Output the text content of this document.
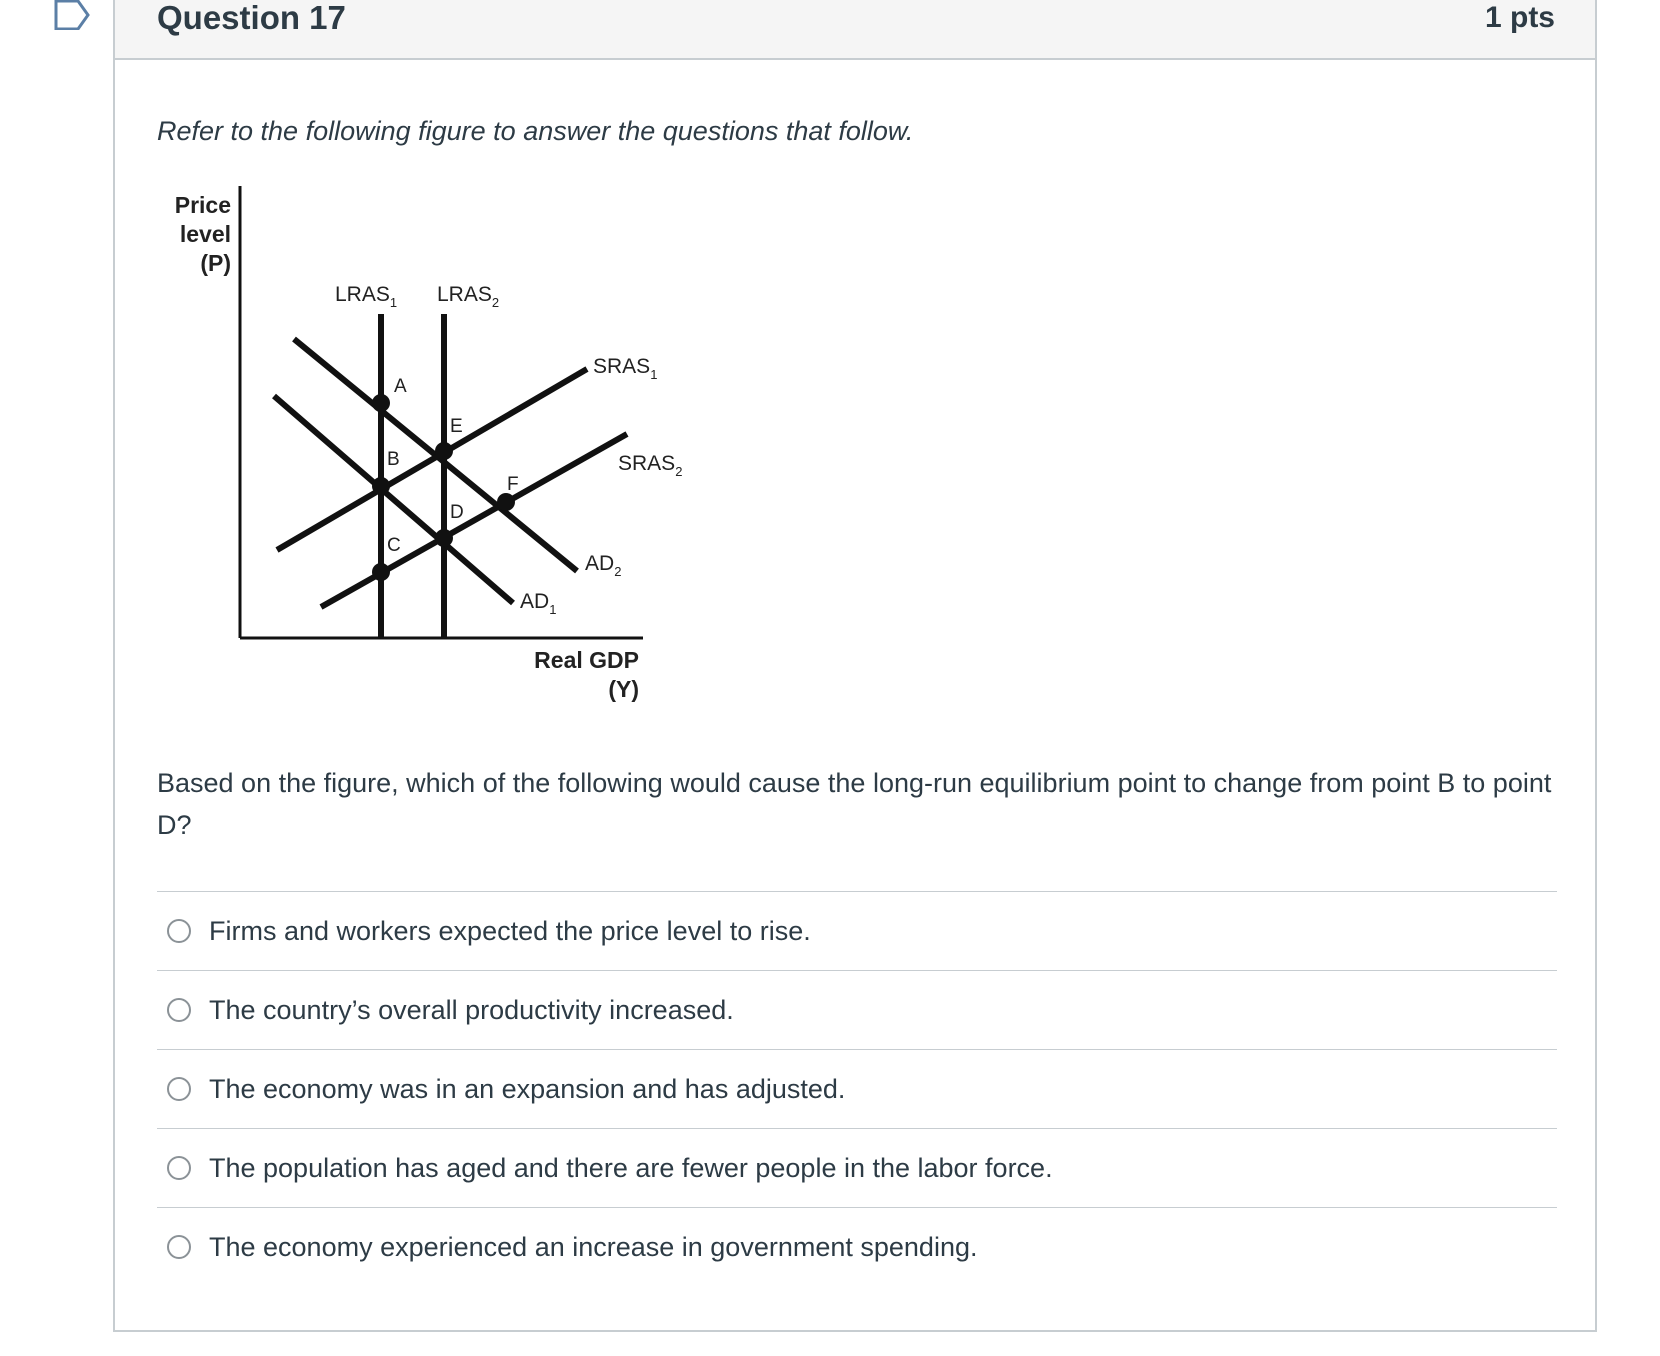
Question 17	1 pts
Refer to the following figure to answer the questions that follow.
Price
level
(P)
Real GDP
(Y)
$LRAS_1$ $LRAS_2$
$AD_1$
$AD_2$
$SRAS_1$
$SRAS_2$
A
B
C
D
E
F
Based on the figure, which of the following would cause the long-run equilibrium point to change from point B to point D?
Firms and workers expected the price level to rise.
The country’s overall productivity increased.
The economy was in an expansion and has adjusted.
The population has aged and there are fewer people in the labor force.
The economy experienced an increase in government spending.
